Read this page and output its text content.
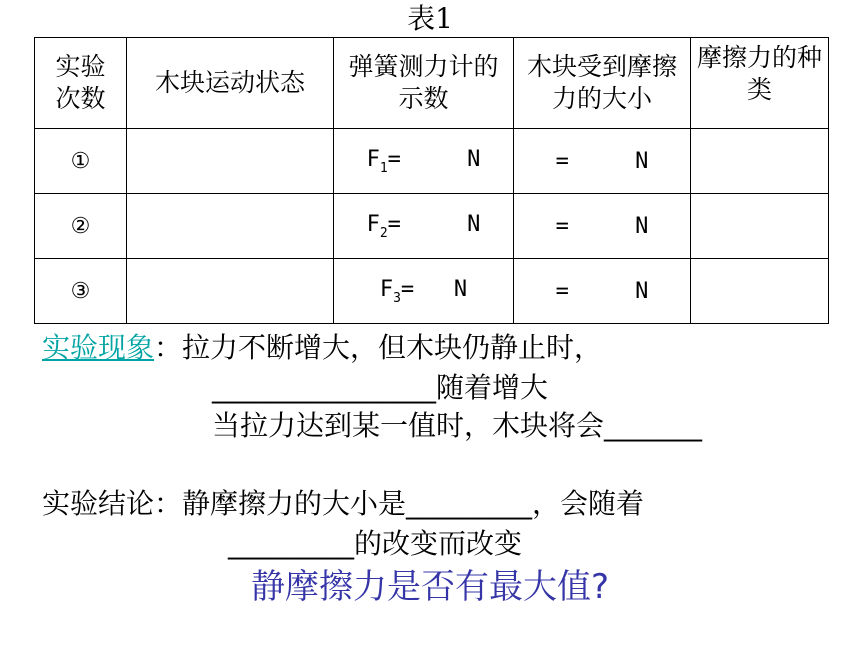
表1
实验次数	木块运动状态	弹簧测力计的示数	木块受到摩擦力的大小	摩擦力的种类

①		$F_1=$     N	=     N	
②		$F_2=$     N	=     N	
③		$F_3= N$	=     N	
实验现象：拉力不断增大，但木块仍静止时，
________________随着增大
当拉力达到某一值时，木块将会_______
实验结论：静摩擦力的大小是_________，会随着
_________的改变而改变
静摩擦力是否有最大值?
